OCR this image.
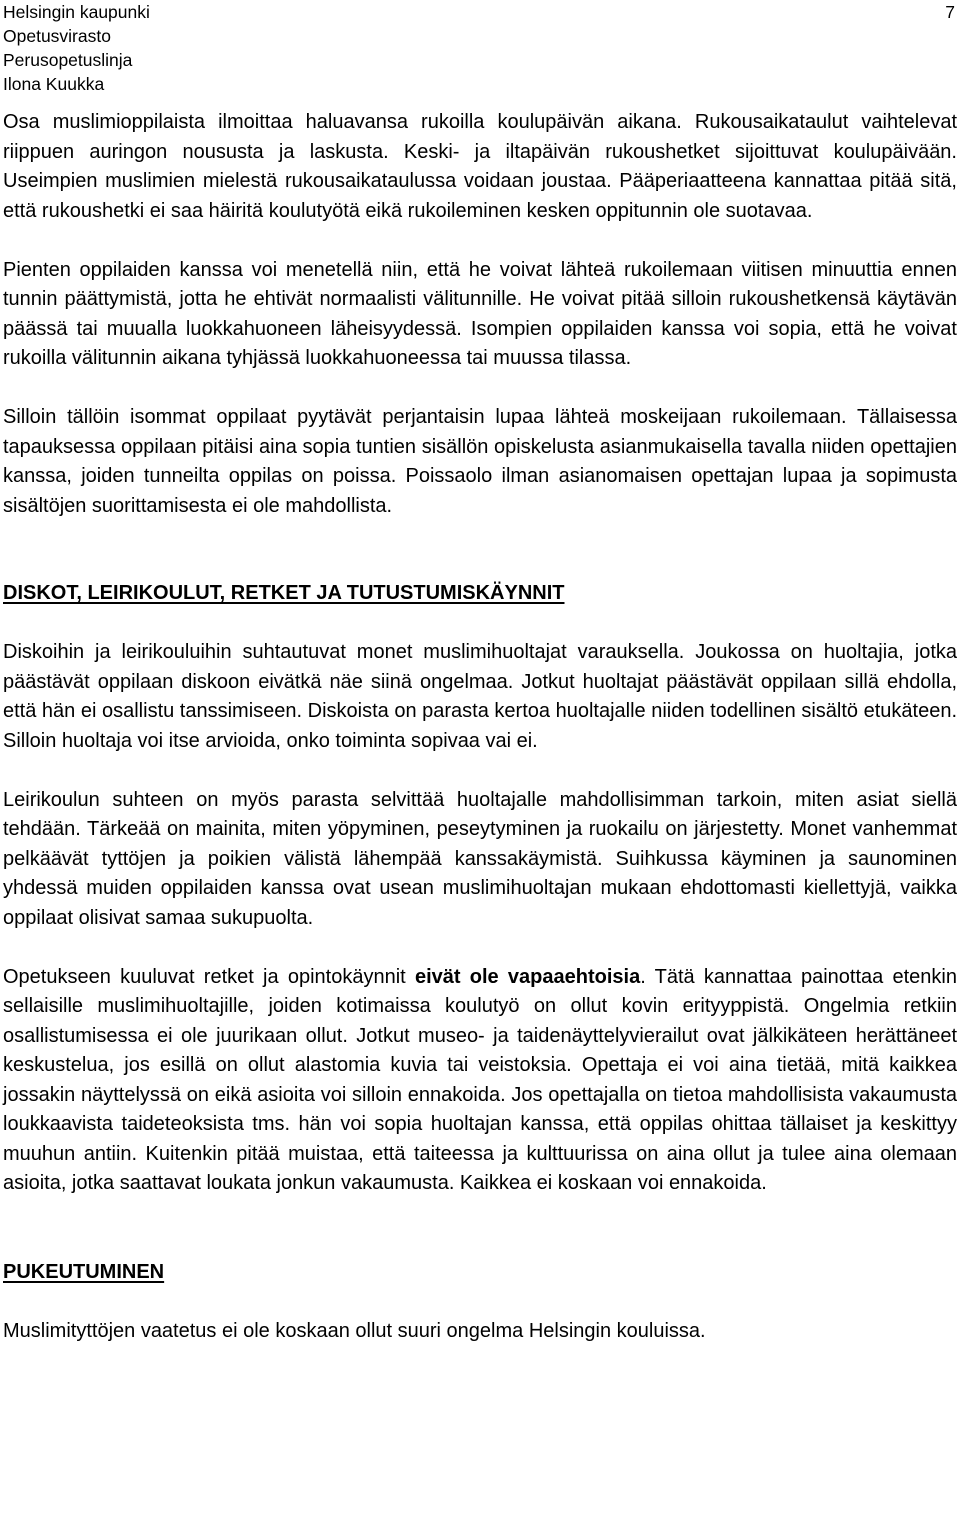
Helsingin kaupunki
Opetusvirasto
Perusopetuslinja
Ilona Kuukka
7

Osa muslimioppilaista ilmoittaa haluavansa rukoilla koulupäivän aikana. Rukousaikataulut vaihtelevat riippuen auringon noususta ja laskusta. Keski- ja iltapäivän rukoushetket sijoittuvat koulupäivään. Useimpien muslimien mielestä rukousaikataulussa voidaan joustaa. Pääperiaatteena kannattaa pitää sitä, että rukoushetki ei saa häiritä koulutyötä eikä rukoileminen kesken oppitunnin ole suotavaa.

Pienten oppilaiden kanssa voi menetellä niin, että he voivat lähteä rukoilemaan viitisen minuuttia ennen tunnin päättymistä, jotta he ehtivät normaalisti välitunnille. He voivat pitää silloin rukoushetkensä käytävän päässä tai muualla luokkahuoneen läheisyydessä. Isompien oppilaiden kanssa voi sopia, että he voivat rukoilla välitunnin aikana tyhjässä luokkahuoneessa tai muussa tilassa.

Silloin tällöin isommat oppilaat pyytävät perjantaisin lupaa lähteä moskeijaan rukoilemaan. Tällaisessa tapauksessa oppilaan pitäisi aina sopia tuntien sisällön opiskelusta asianmukaisella tavalla niiden opettajien kanssa, joiden tunneilta oppilas on poissa. Poissaolo ilman asianomaisen opettajan lupaa ja sopimusta sisältöjen suorittamisesta ei ole mahdollista.

DISKOT, LEIRIKOULUT, RETKET JA TUTUSTUMISKÄYNNIT

Diskoihin ja leirikouluihin suhtautuvat monet muslimihuoltajat varauksella. Joukossa on huoltajia, jotka päästävät oppilaan diskoon eivätkä näe siinä ongelmaa. Jotkut huoltajat päästävät oppilaan sillä ehdolla, että hän ei osallistu tanssimiseen. Diskoista on parasta kertoa huoltajalle niiden todellinen sisältö etukäteen. Silloin huoltaja voi itse arvioida, onko toiminta sopivaa vai ei.

Leirikoulun suhteen on myös parasta selvittää huoltajalle mahdollisimman tarkoin, miten asiat siellä tehdään. Tärkeää on mainita, miten yöpyminen, peseytyminen ja ruokailu on järjestetty. Monet vanhemmat pelkäävät tyttöjen ja poikien välistä lähempää kanssakäymistä. Suihkussa käyminen ja saunominen yhdessä muiden oppilaiden kanssa ovat usean muslimihuoltajan mukaan ehdottomasti kiellettyjä, vaikka oppilaat olisivat samaa sukupuolta.

Opetukseen kuuluvat retket ja opintokäynnit eivät ole vapaaehtoisia. Tätä kannattaa painottaa etenkin sellaisille muslimihuoltajille, joiden kotimaissa koulutyö on ollut kovin erityyppistä. Ongelmia retkiin osallistumisessa ei ole juurikaan ollut. Jotkut museo- ja taidenäyttelyvierailut ovat jälkikäteen herättäneet keskustelua, jos esillä on ollut alastomia kuvia tai veistoksia. Opettaja ei voi aina tietää, mitä kaikkea jossakin näyttelyssä on eikä asioita voi silloin ennakoida. Jos opettajalla on tietoa mahdollisista vakaumusta loukkaavista taideteoksista tms. hän voi sopia huoltajan kanssa, että oppilas ohittaa tällaiset ja keskittyy muuhun antiin. Kuitenkin pitää muistaa, että taiteessa ja kulttuurissa on aina ollut ja tulee aina olemaan asioita, jotka saattavat loukata jonkun vakaumusta. Kaikkea ei koskaan voi ennakoida.

PUKEUTUMINEN

Muslimityttöjen vaatetus ei ole koskaan ollut suuri ongelma Helsingin kouluissa.
